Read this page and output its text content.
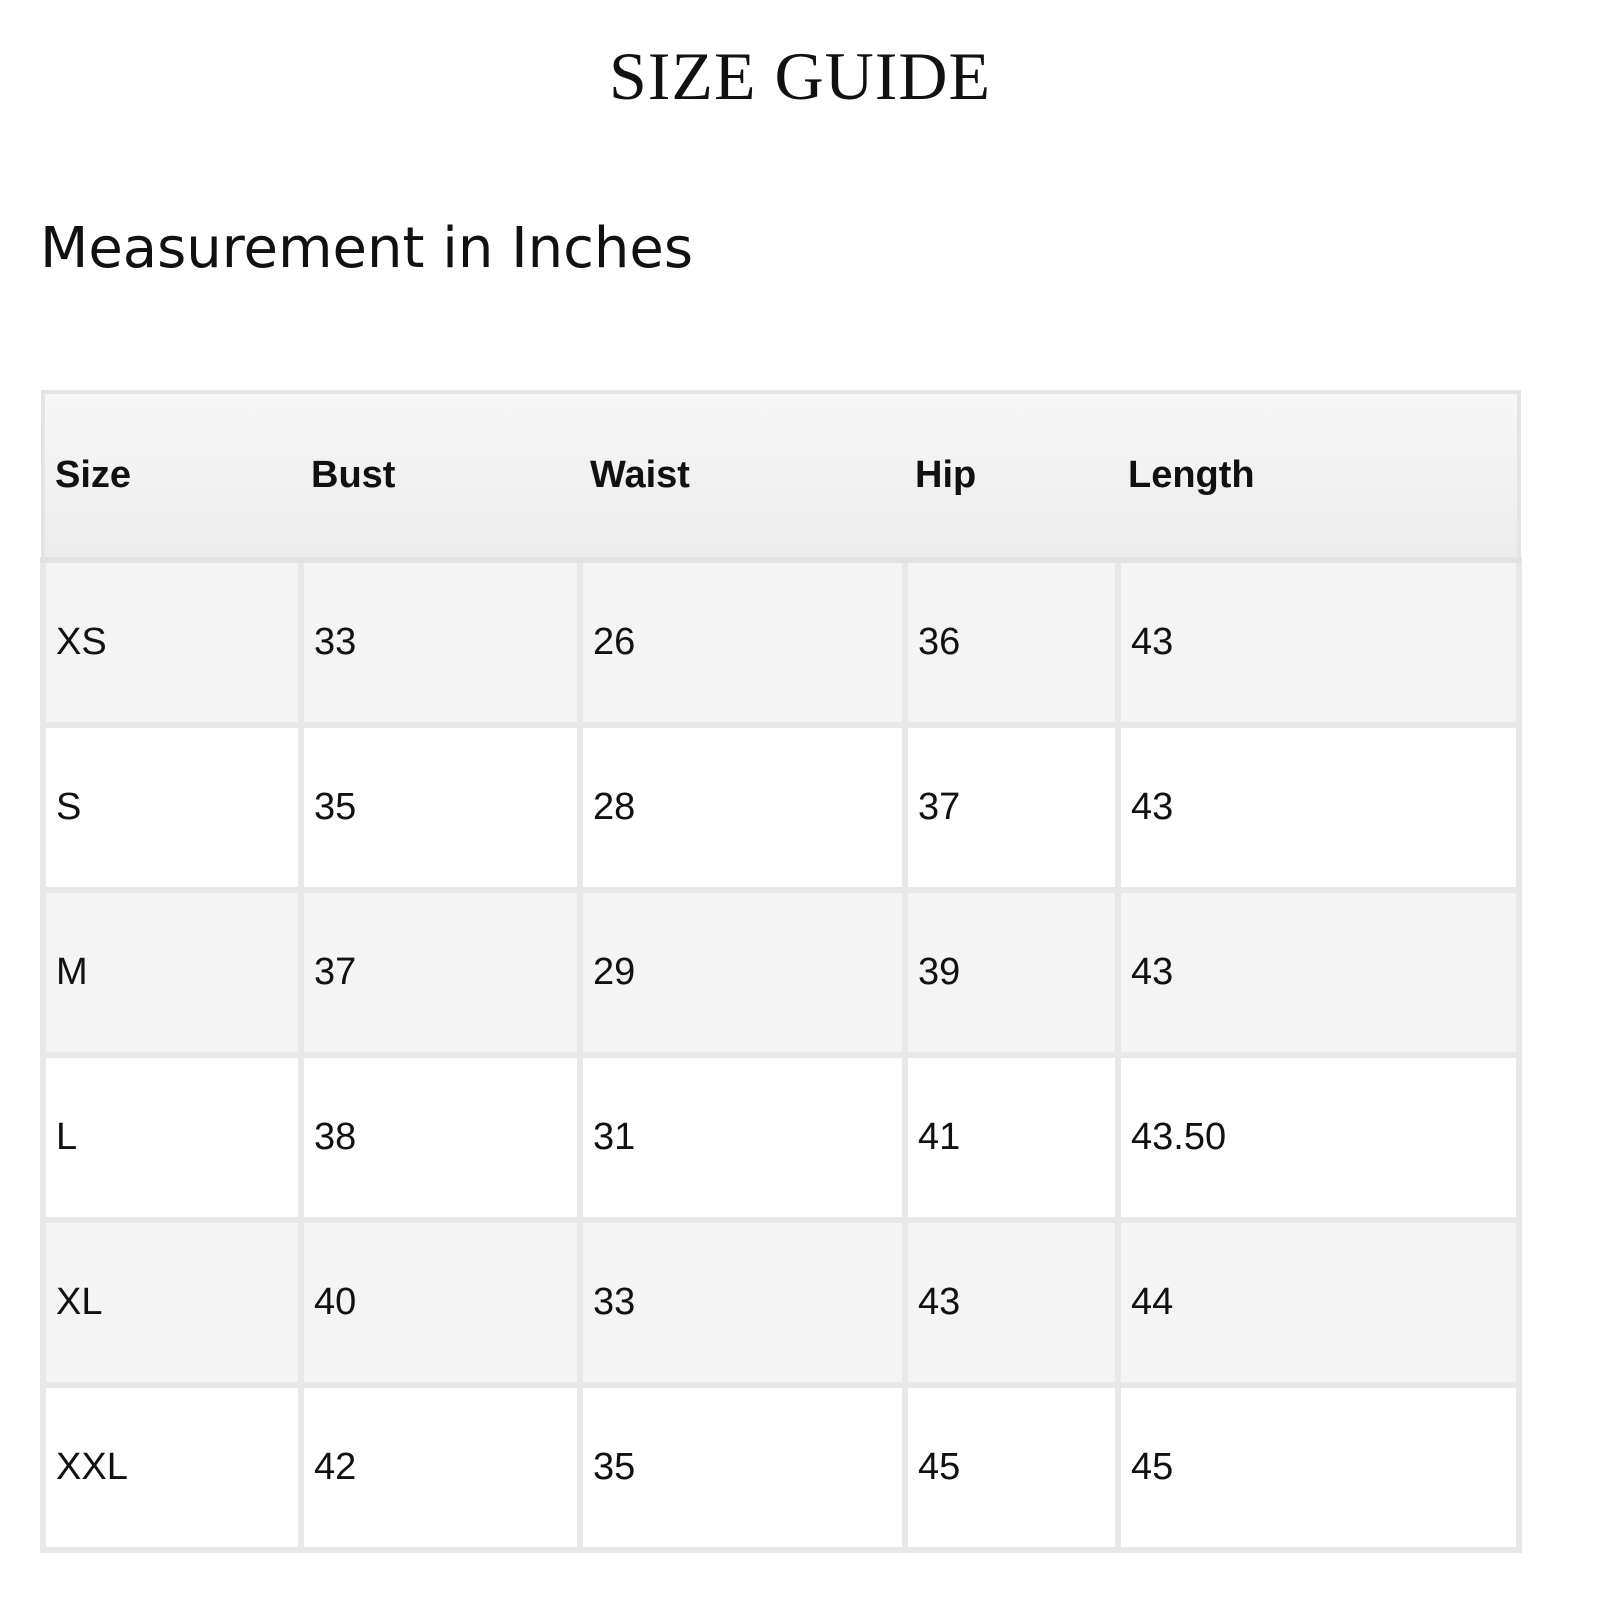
SIZE GUIDE
Measurement in Inches
Size	Bust	Waist	Hip	Length
XS	33	26	36	43
S	35	28	37	43
M	37	29	39	43
L	38	31	41	43.50
XL	40	33	43	44
XXL	42	35	45	45
